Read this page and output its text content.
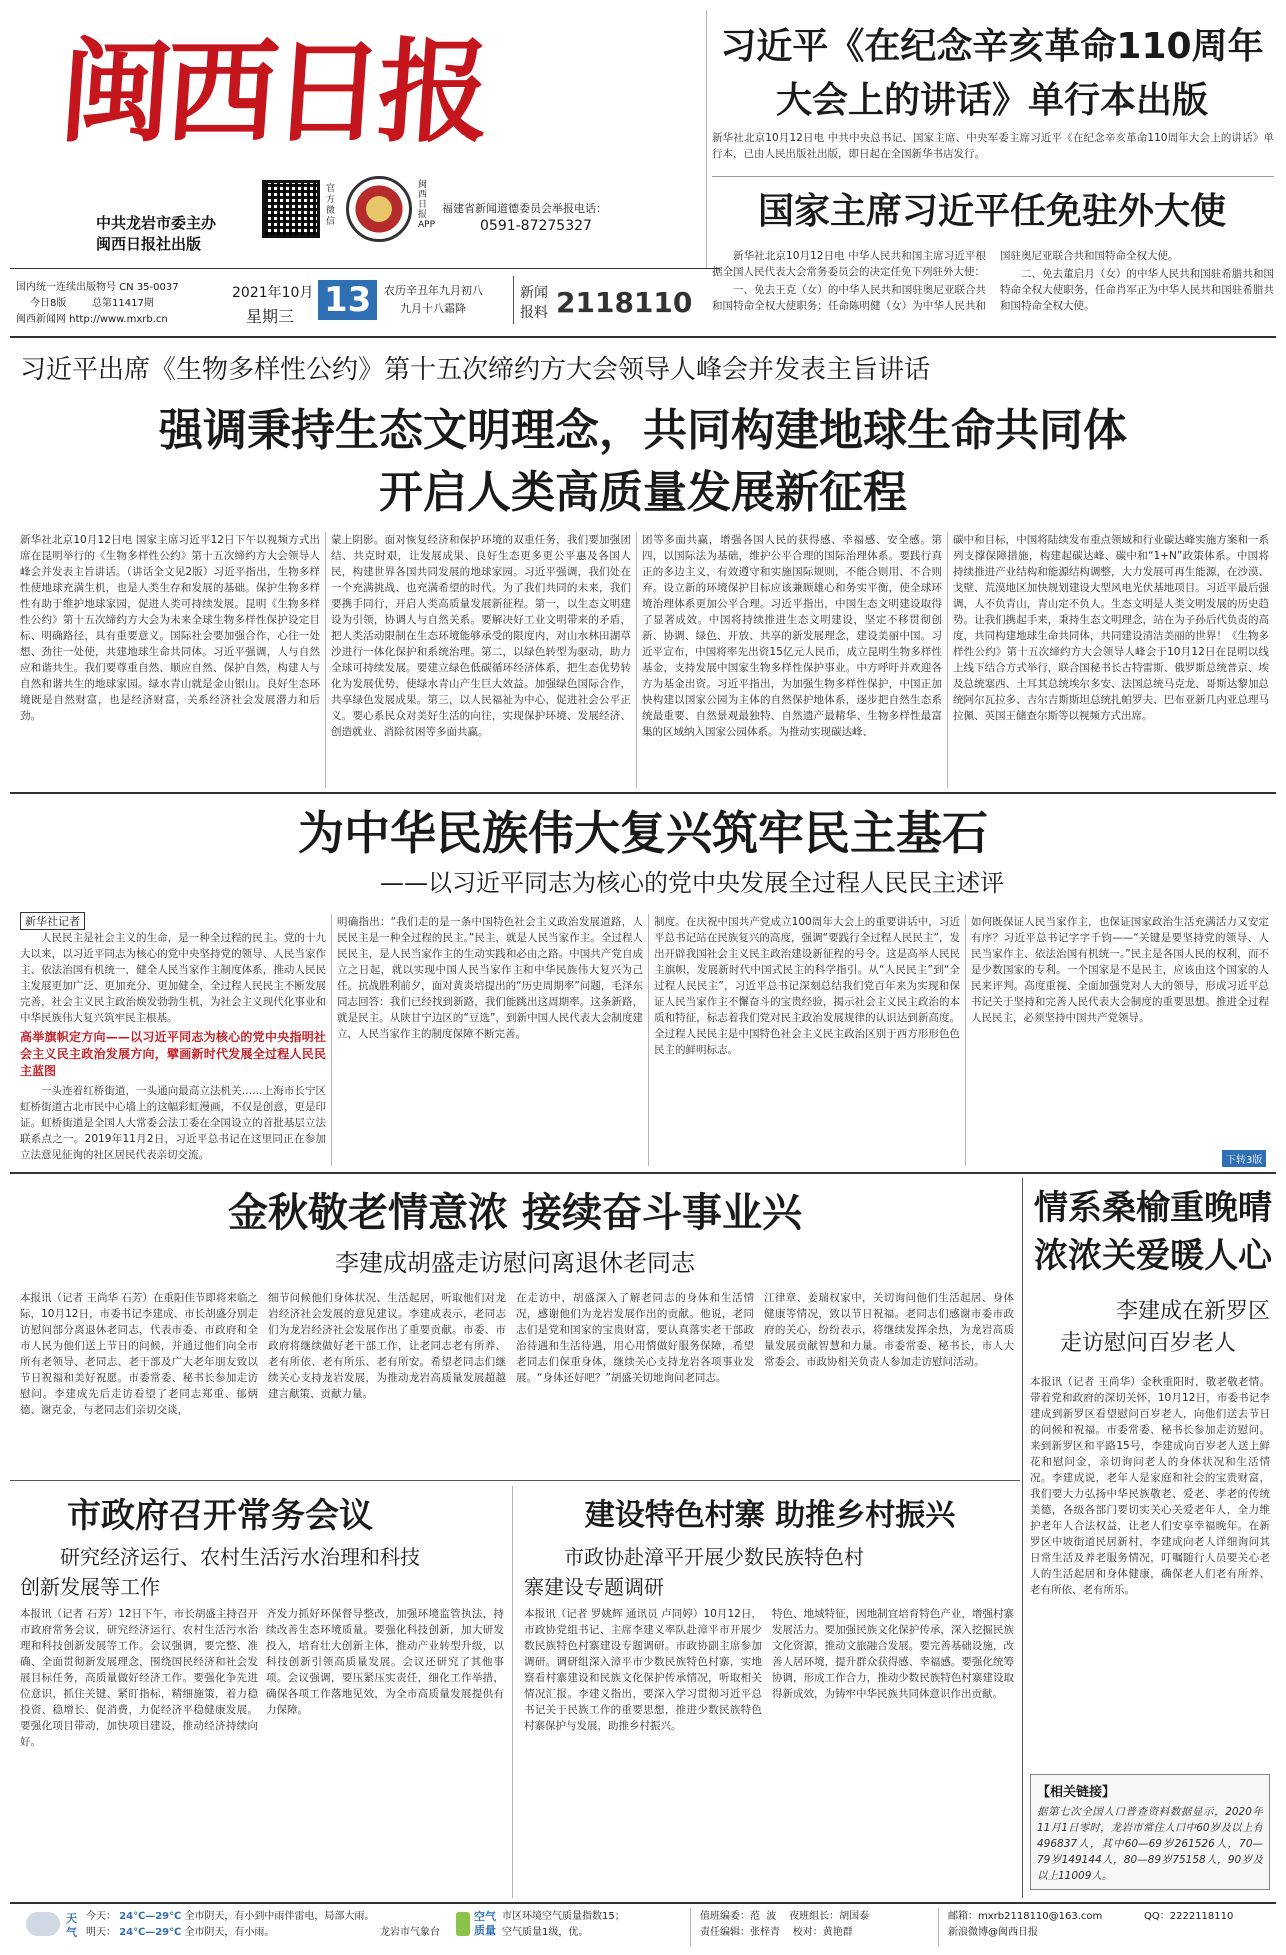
闽西日报
中共龙岩市委主办
闽西日报社出版
官方微信
闽西日报APP
福建省新闻道德委员会举报电话：
0591-87275327
国内统一连续出版物号 CN 35-0037
今日8版	总第11417期
闽西新闻网 http://www.mxrb.cn
2021年10月
星期三 13	农历辛丑年九月初八
九月十八霜降
新闻
报料 2118110
习近平《在纪念辛亥革命110周年
大会上的讲话》单行本出版
新华社北京10月12日电 中共中央总书记、国家主席、中央军委主席习近平《在纪念辛亥革命110周年大会上的讲话》单行本，已由人民出版社出版，即日起在全国新华书店发行。
国家主席习近平任免驻外大使

新华社北京10月12日电 中华人民共和国主席习近平根据全国人民代表大会常务委员会的决定任免下列驻外大使：

一、免去王克（女）的中华人民共和国驻奥尼亚联合共和国特命全权大使职务；任命陈明健（女）为中华人民共和国驻奥尼亚联合共和国特命全权大使。

二、免去董启月（女）的中华人民共和国驻希腊共和国特命全权大使职务，任命肖军正为中华人民共和国驻希腊共和国特命全权大使。

习近平出席《生物多样性公约》第十五次缔约方大会领导人峰会并发表主旨讲话
强调秉持生态文明理念，共同构建地球生命共同体
开启人类高质量发展新征程
新华社北京10月12日电 国家主席习近平12日下午以视频方式出席在昆明举行的《生物多样性公约》第十五次缔约方大会领导人峰会并发表主旨讲话。（讲话全文见2版）习近平指出，生物多样性使地球充满生机，也是人类生存和发展的基础。保护生物多样性有助于维护地球家园，促进人类可持续发展。昆明《生物多样性公约》第十五次缔约方大会为未来全球生物多样性保护设定目标、明确路径，具有重要意义。国际社会要加强合作，心往一处想、劲往一处使，共建地球生命共同体。习近平强调，人与自然应和谐共生。我们要尊重自然、顺应自然、保护自然，构建人与自然和谐共生的地球家园。绿水青山就是金山银山。良好生态环境既是自然财富，也是经济财富，关系经济社会发展潜力和后劲。
蒙上阴影。面对恢复经济和保护环境的双重任务，我们要加强团结、共克时艰，让发展成果、良好生态更多更公平惠及各国人民，构建世界各国共同发展的地球家园。习近平强调，我们处在一个充满挑战、也充满希望的时代。为了我们共同的未来，我们要携手同行，开启人类高质量发展新征程。第一，以生态文明建设为引领，协调人与自然关系。要解决好工业文明带来的矛盾，把人类活动限制在生态环境能够承受的限度内，对山水林田湖草沙进行一体化保护和系统治理。第二，以绿色转型为驱动，助力全球可持续发展。要建立绿色低碳循环经济体系，把生态优势转化为发展优势，使绿水青山产生巨大效益。加强绿色国际合作，共享绿色发展成果。第三，以人民福祉为中心，促进社会公平正义。要心系民众对美好生活的向往，实现保护环境、发展经济、创造就业、消除贫困等多面共赢。
团等多面共赢，增强各国人民的获得感、幸福感、安全感。第四，以国际法为基础，维护公平合理的国际治理体系。要践行真正的多边主义，有效遵守和实施国际规则，不能合则用、不合则弃。设立新的环境保护目标应该兼顾雄心和务实平衡，使全球环境治理体系更加公平合理。习近平指出，中国生态文明建设取得了显著成效。中国将持续推进生态文明建设，坚定不移贯彻创新、协调、绿色、开放、共享的新发展理念，建设美丽中国。习近平宣布，中国将率先出资15亿元人民币，成立昆明生物多样性基金，支持发展中国家生物多样性保护事业。中方呼吁并欢迎各方为基金出资。习近平指出，为加强生物多样性保护，中国正加快构建以国家公园为主体的自然保护地体系，逐步把自然生态系统最重要、自然景观最独特、自然遗产最精华、生物多样性最富集的区域纳入国家公园体系。为推动实现碳达峰、
碳中和目标，中国将陆续发布重点领域和行业碳达峰实施方案和一系列支撑保障措施，构建起碳达峰、碳中和“1+N”政策体系。中国将持续推进产业结构和能源结构调整，大力发展可再生能源，在沙漠、戈壁、荒漠地区加快规划建设大型风电光伏基地项目。习近平最后强调，人不负青山，青山定不负人。生态文明是人类文明发展的历史趋势。让我们携起手来，秉持生态文明理念，站在为子孙后代负责的高度，共同构建地球生命共同体，共同建设清洁美丽的世界！《生物多样性公约》第十五次缔约方大会领导人峰会于10月12日在昆明以线上线下结合方式举行，联合国秘书长古特雷斯、俄罗斯总统普京、埃及总统塞西、土耳其总统埃尔多安、法国总统马克龙、哥斯达黎加总统阿尔瓦拉多、吉尔吉斯斯坦总统扎帕罗夫、巴布亚新几内亚总理马拉佩、英国王储查尔斯等以视频方式出席。
为中华民族伟大复兴筑牢民主基石
——以习近平同志为核心的党中央发展全过程人民民主述评
新华社记者

人民民主是社会主义的生命，是一种全过程的民主。党的十九大以来，以习近平同志为核心的党中央坚持党的领导、人民当家作主、依法治国有机统一，健全人民当家作主制度体系，推动人民民主发展更加广泛、更加充分、更加健全，全过程人民民主不断发展完善，社会主义民主政治焕发勃勃生机，为社会主义现代化事业和中华民族伟大复兴筑牢民主根基。

高举旗帜定方向——以习近平同志为核心的党中央指明社会主义民主政治发展方向，擘画新时代发展全过程人民民主蓝图

一头连着红桥街道，一头通向最高立法机关……上海市长宁区虹桥街道古北市民中心墙上的这幅彩虹漫画，不仅是创意，更是印证。虹桥街道是全国人大常委会法工委在全国设立的首批基层立法联系点之一。2019年11月2日，习近平总书记在这里同正在参加立法意见征询的社区居民代表亲切交流。

明确指出：“我们走的是一条中国特色社会主义政治发展道路，人民民主是一种全过程的民主。”民主，就是人民当家作主。全过程人民民主，是人民当家作主的生动实践和必由之路。中国共产党自成立之日起，就以实现中国人民当家作主和中华民族伟大复兴为己任。抗战胜利前夕，面对黄炎培提出的“历史周期率”问题，毛泽东同志回答：我们已经找到新路，我们能跳出这周期率。这条新路，就是民主。从陕甘宁边区的“豆选”，到新中国人民代表大会制度建立，人民当家作主的制度保障不断完善。
制度。在庆祝中国共产党成立100周年大会上的重要讲话中，习近平总书记站在民族复兴的高度，强调“要践行全过程人民民主”，发出开辟我国社会主义民主政治建设新征程的号令。这是高举人民民主旗帜，发展新时代中国式民主的科学指引。从“人民民主”到“全过程人民民主”，习近平总书记深刻总结我们党百年来为实现和保证人民当家作主不懈奋斗的宝贵经验，揭示社会主义民主政治的本质和特征，标志着我们党对民主政治发展规律的认识达到新高度。全过程人民民主是中国特色社会主义民主政治区别于西方形形色色民主的鲜明标志。
如何既保证人民当家作主，也保证国家政治生活充满活力又安定有序？习近平总书记字字千钧——“关键是要坚持党的领导、人民当家作主、依法治国有机统一。”民主是各国人民的权利，而不是少数国家的专利。一个国家是不是民主，应该由这个国家的人民来评判。高度重视、全面加强党对人大的领导，形成习近平总书记关于坚持和完善人民代表大会制度的重要思想。推进全过程人民民主，必须坚持中国共产党领导。
下转3版
金秋敬老情意浓 接续奋斗事业兴
李建成胡盛走访慰问离退休老同志
本报讯（记者 王尚华 石芳）在重阳佳节即将来临之际，10月12日，市委书记李建成、市长胡盛分别走访慰问部分离退休老同志，代表市委、市政府和全市人民为他们送上节日的问候，并通过他们向全市所有老领导、老同志、老干部及广大老年朋友致以节日祝福和美好祝愿。市委常委、秘书长参加走访慰问。李建成先后走访看望了老同志郑重、郁炳德、谢克金，与老同志们亲切交谈，
细节问候他们身体状况、生活起居，听取他们对龙岩经济社会发展的意见建议。李建成表示，老同志们为龙岩经济社会发展作出了重要贡献。市委、市政府将继续做好老干部工作，让老同志老有所养、老有所依、老有所乐、老有所安。希望老同志们继续关心支持龙岩发展，为推动龙岩高质量发展超越建言献策、贡献力量。
在走访中，胡盛深入了解老同志的身体和生活情况，感谢他们为龙岩发展作出的贡献。他说，老同志们是党和国家的宝贵财富，要认真落实老干部政治待遇和生活待遇，用心用情做好服务保障，希望老同志们保重身体，继续关心支持龙岩各项事业发展。“身体还好吧？”胡盛关切地询问老同志。
江律章、姜瑞权家中，关切询问他们生活起居、身体健康等情况，致以节日祝福。老同志们感谢市委市政府的关心，纷纷表示，将继续发挥余热，为龙岩高质量发展贡献智慧和力量。市委常委、秘书长，市人大常委会、市政协相关负责人参加走访慰问活动。
情系桑榆重晚晴
浓浓关爱暖人心
李建成在新罗区
走访慰问百岁老人
本报讯（记者 王尚华）金秋重阳时，敬老敬老情。带着党和政府的深切关怀，10月12日，市委书记李建成到新罗区看望慰问百岁老人，向他们送去节日的问候和祝福。市委常委、秘书长参加走访慰问。来到新罗区和平路15号，李建成向百岁老人送上鲜花和慰问金，亲切询问老人的身体状况和生活情况。李建成说，老年人是家庭和社会的宝贵财富，我们要大力弘扬中华民族敬老、爱老、孝老的传统美德，各级各部门要切实关心关爱老年人，全力维护老年人合法权益，让老人们安享幸福晚年。在新罗区中坡街道民居新村，李建成向老人详细询问其日常生活及养老服务情况，叮嘱随行人员要关心老人的生活起居和身体健康，确保老人们老有所养、老有所依、老有所乐。
【相关链接】
据第七次全国人口普查资料数据显示，2020年11月1日零时，龙岩市常住人口中60岁及以上有496837人，其中60—69岁261526人，70—79岁149144人，80—89岁75158人，90岁及以上11009人。
市政府召开常务会议
研究经济运行、农村生活污水治理和科技
创新发展等工作
本报讯（记者 石芳）12日下午，市长胡盛主持召开市政府常务会议，研究经济运行、农村生活污水治理和科技创新发展等工作。会议强调，要完整、准确、全面贯彻新发展理念，围绕国民经济和社会发展目标任务，高质量做好经济工作。要强化争先进位意识，抓住关键、紧盯指标，精细施策，着力稳投资、稳增长、促消费，力促经济平稳健康发展。要强化项目带动，加快项目建设，推动经济持续向好。
齐发力抓好环保督导整改，加强环境监管执法，持续改善生态环境质量。要强化科技创新，加大研发投入，培育壮大创新主体，推动产业转型升级，以科技创新引领高质量发展。会议还研究了其他事项。会议强调，要压紧压实责任，细化工作举措，确保各项工作落地见效，为全市高质量发展提供有力保障。
建设特色村寨 助推乡村振兴
市政协赴漳平开展少数民族特色村
寨建设专题调研
本报讯（记者 罗姚辉 通讯员 卢同婷）10月12日，市政协党组书记、主席李建义率队赴漳平市开展少数民族特色村寨建设专题调研。市政协副主席参加调研。调研组深入漳平市少数民族特色村寨，实地察看村寨建设和民族文化保护传承情况，听取相关情况汇报。李建义指出，要深入学习贯彻习近平总书记关于民族工作的重要思想，推进少数民族特色村寨保护与发展，助推乡村振兴。
特色、地域特征，因地制宜培育特色产业，增强村寨发展活力。要加强民族文化保护传承，深入挖掘民族文化资源，推动文旅融合发展。要完善基础设施，改善人居环境，提升群众获得感、幸福感。要强化统筹协调，形成工作合力，推动少数民族特色村寨建设取得新成效，为铸牢中华民族共同体意识作出贡献。
天气
今天： 24℃—29℃ 全市阴天，有小到中雨伴雷电，局部大雨。
明天： 24℃—29℃ 全市阴天，有小雨。	龙岩市气象台
空气
质量
市区环境空气质量指数15；
空气质量1级，优。
值班编委：范  波    夜班组长：胡国泰
责任编辑：张梓青    校对：黄艳群
邮箱：mxrb2118110@163.com	QQ：2222118110
新浪微博@闽西日报
